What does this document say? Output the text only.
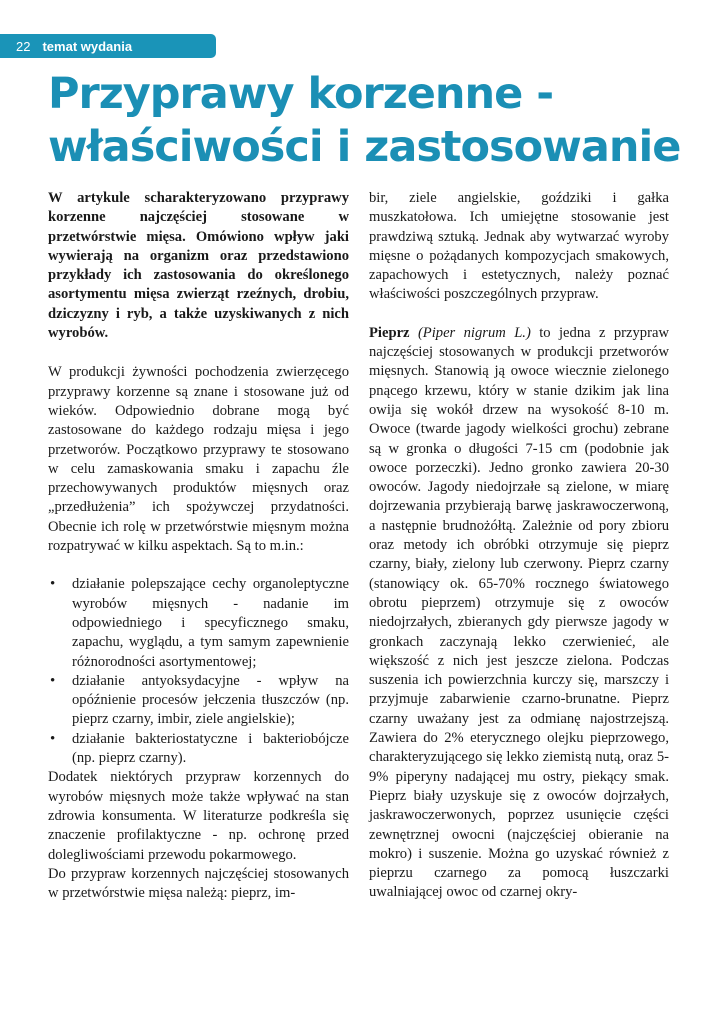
22 temat wydania
Przyprawy korzenne -
właściwości i zastosowanie

W artykule scharakteryzowano przyprawy korzenne najczęściej stosowane w przetwórstwie mięsa. Omówiono wpływ jaki wywierają na organizm oraz przedstawiono przykłady ich zastosowania do określonego asortymentu mięsa zwierząt rzeźnych, drobiu, dziczyzny i ryb, a także uzyskiwanych z nich wyrobów.

W produkcji żywności pochodzenia zwierzęcego przyprawy korzenne są znane i stosowane już od wieków. Odpowiednio dobrane mogą być zastosowane do każdego rodzaju mięsa i jego przetworów. Początkowo przyprawy te stosowano w celu zamaskowania smaku i zapachu źle przechowywanych produktów mięsnych oraz „przedłużenia” ich spożywczej przydatności. Obecnie ich rolę w przetwórstwie mięsnym można rozpatrywać w kilku aspektach. Są to m.in.:

• działanie polepszające cechy organoleptyczne wyrobów mięsnych - nadanie im odpowiedniego i specyficznego smaku, zapachu, wyglądu, a tym samym zapewnienie różnorodności asortymentowej;
• działanie antyoksydacyjne - wpływ na opóźnienie procesów jełczenia tłuszczów (np. pieprz czarny, imbir, ziele angielskie);
• działanie bakteriostatyczne i bakteriobójcze (np. pieprz czarny).

Dodatek niektórych przypraw korzennych do wyrobów mięsnych może także wpływać na stan zdrowia konsumenta. W literaturze podkreśla się znaczenie profilaktyczne - np. ochronę przed dolegliwościami przewodu pokarmowego.

Do przypraw korzennych najczęściej stosowanych w przetwórstwie mięsa należą: pieprz, im-

bir, ziele angielskie, goździki i gałka muszkatołowa. Ich umiejętne stosowanie jest prawdziwą sztuką. Jednak aby wytwarzać wyroby mięsne o pożądanych kompozycjach smakowych, zapachowych i estetycznych, należy poznać właściwości poszczególnych przypraw.

Pieprz (Piper nigrum L.) to jedna z przypraw najczęściej stosowanych w produkcji przetworów mięsnych. Stanowią ją owoce wiecznie zielonego pnącego krzewu, który w stanie dzikim jak lina owija się wokół drzew na wysokość 8-10 m. Owoce (twarde jagody wielkości grochu) zebrane są w gronka o długości 7-15 cm (podobnie jak owoce porzeczki). Jedno gronko zawiera 20-30 owoców. Jagody niedojrzałe są zielone, w miarę dojrzewania przybierają barwę jaskrawoczerwoną, a następnie brudnożółtą. Zależnie od pory zbioru oraz metody ich obróbki otrzymuje się pieprz czarny, biały, zielony lub czerwony. Pieprz czarny (stanowiący ok. 65-70% rocznego światowego obrotu pieprzem) otrzymuje się z owoców niedojrzałych, zbieranych gdy pierwsze jagody w gronkach zaczynają lekko czerwienieć, ale większość z nich jest jeszcze zielona. Podczas suszenia ich powierzchnia kurczy się, marszczy i przyjmuje zabarwienie czarno-brunatne. Pieprz czarny uważany jest za odmianę najostrzejszą. Zawiera do 2% eterycznego olejku pieprzowego, charakteryzującego się lekko ziemistą nutą, oraz 5-9% piperyny nadającej mu ostry, piekący smak. Pieprz biały uzyskuje się z owoców dojrzałych, jaskrawoczerwonych, poprzez usunięcie części zewnętrznej owocni (najczęściej obieranie na mokro) i suszenie. Można go uzyskać również z pieprzu czarnego za pomocą łuszczarki uwalniającej owoc od czarnej okry-
